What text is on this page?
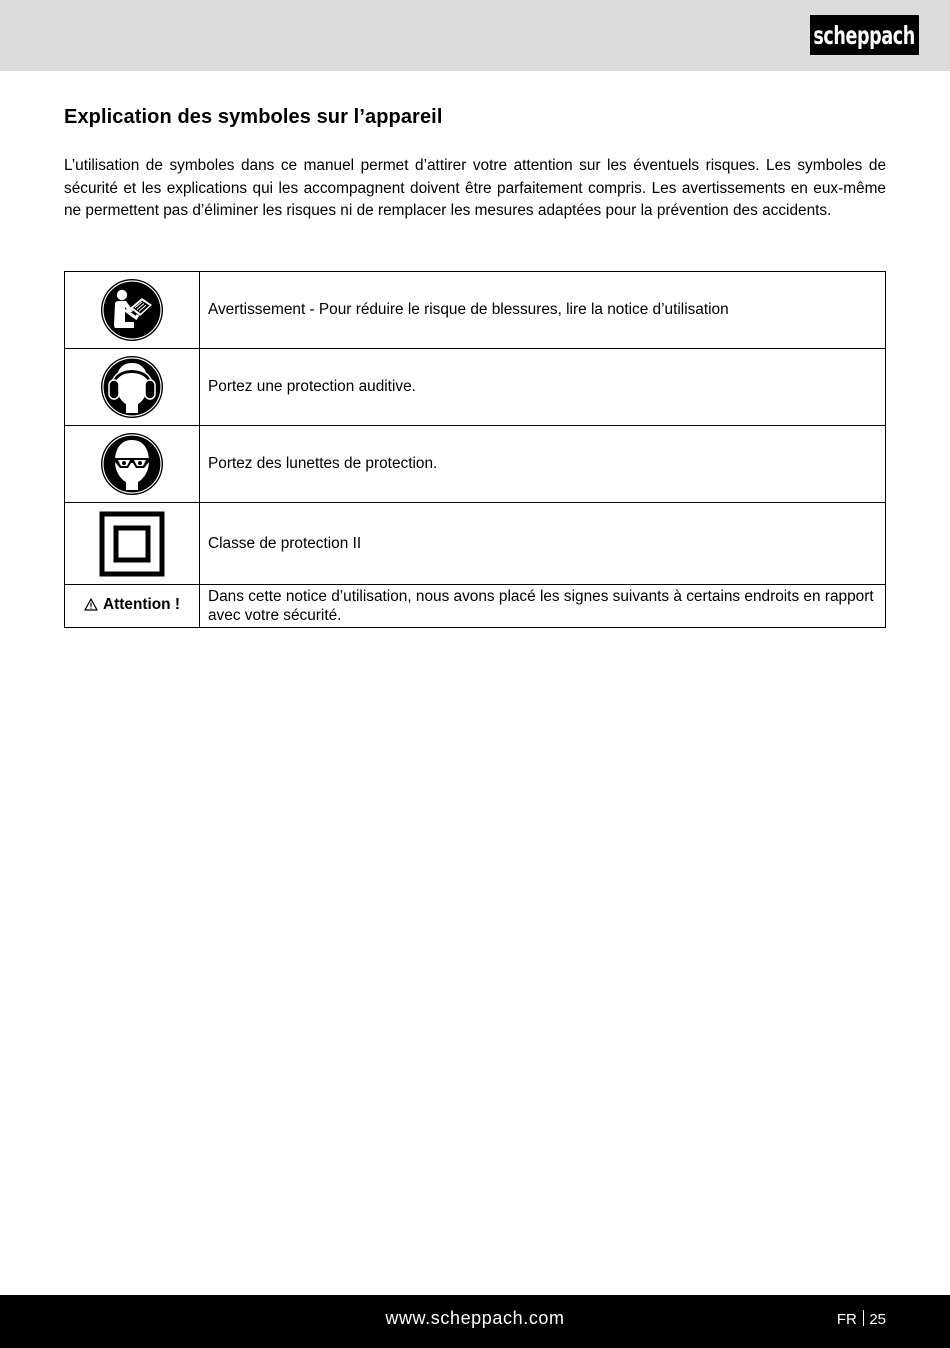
scheppach
Explication des symboles sur l’appareil

L’utilisation de symboles dans ce manuel permet d’attirer votre attention sur les éventuels risques. Les symboles de sécurité et les explications qui les accompagnent doivent être parfaitement compris. Les avertissements en eux-même ne permettent pas d’éliminer les risques ni de remplacer les mesures adaptées pour la prévention des accidents.

	Avertissement - Pour réduire le risque de blessures, lire la notice d’utilisation

	Portez une protection auditive.

	Portez des lunettes de protection.

	Classe de protection II

Attention !	Dans cette notice d’utilisation, nous avons placé les signes suivants à certains endroits en rapport avec votre sécurité.
www.scheppach.com	FR 25
